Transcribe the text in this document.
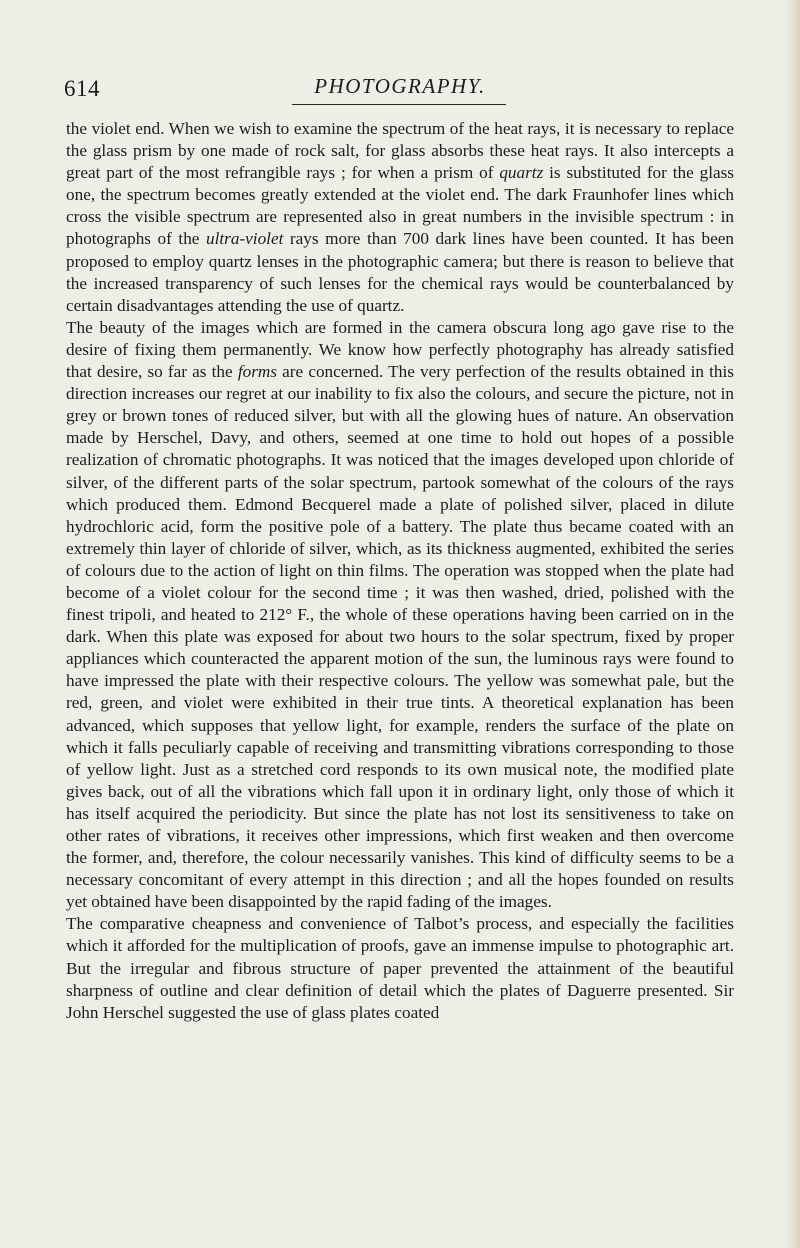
614	PHOTOGRAPHY.

the violet end. When we wish to examine the spectrum of the heat rays, it is necessary to replace the glass prism by one made of rock salt, for glass absorbs these heat rays. It also intercepts a great part of the most refrangible rays ; for when a prism of quartz is substituted for the glass one, the spectrum becomes greatly extended at the violet end. The dark Fraunhofer lines which cross the visible spectrum are represented also in great numbers in the invisible spectrum : in photographs of the ultra-violet rays more than 700 dark lines have been counted. It has been proposed to employ quartz lenses in the photographic camera; but there is reason to believe that the increased transparency of such lenses for the chemical rays would be counterbalanced by certain disadvantages attending the use of quartz.

The beauty of the images which are formed in the camera obscura long ago gave rise to the desire of fixing them permanently. We know how perfectly photography has already satisfied that desire, so far as the forms are concerned. The very perfection of the results obtained in this direction increases our regret at our inability to fix also the colours, and secure the picture, not in grey or brown tones of reduced silver, but with all the glowing hues of nature. An observation made by Herschel, Davy, and others, seemed at one time to hold out hopes of a possible realization of chromatic photographs. It was noticed that the images developed upon chloride of silver, of the different parts of the solar spectrum, partook somewhat of the colours of the rays which produced them. Edmond Becquerel made a plate of polished silver, placed in dilute hydrochloric acid, form the positive pole of a battery. The plate thus became coated with an extremely thin layer of chloride of silver, which, as its thickness augmented, exhibited the series of colours due to the action of light on thin films. The operation was stopped when the plate had become of a violet colour for the second time ; it was then washed, dried, polished with the finest tripoli, and heated to 212° F., the whole of these operations having been carried on in the dark. When this plate was exposed for about two hours to the solar spectrum, fixed by proper appliances which counteracted the apparent motion of the sun, the luminous rays were found to have impressed the plate with their respective colours. The yellow was somewhat pale, but the red, green, and violet were exhibited in their true tints. A theoretical explanation has been advanced, which supposes that yellow light, for example, renders the surface of the plate on which it falls peculiarly capable of receiving and transmitting vibrations corresponding to those of yellow light. Just as a stretched cord responds to its own musical note, the modified plate gives back, out of all the vibrations which fall upon it in ordinary light, only those of which it has itself acquired the periodicity. But since the plate has not lost its sensitiveness to take on other rates of vibrations, it receives other impressions, which first weaken and then overcome the former, and, therefore, the colour necessarily vanishes. This kind of difficulty seems to be a necessary concomitant of every attempt in this direction ; and all the hopes founded on results yet obtained have been disappointed by the rapid fading of the images.

The comparative cheapness and convenience of Talbot’s process, and especially the facilities which it afforded for the multiplication of proofs, gave an immense impulse to photographic art. But the irregular and fibrous structure of paper prevented the attainment of the beautiful sharpness of outline and clear definition of detail which the plates of Daguerre presented. Sir John Herschel suggested the use of glass plates coated
